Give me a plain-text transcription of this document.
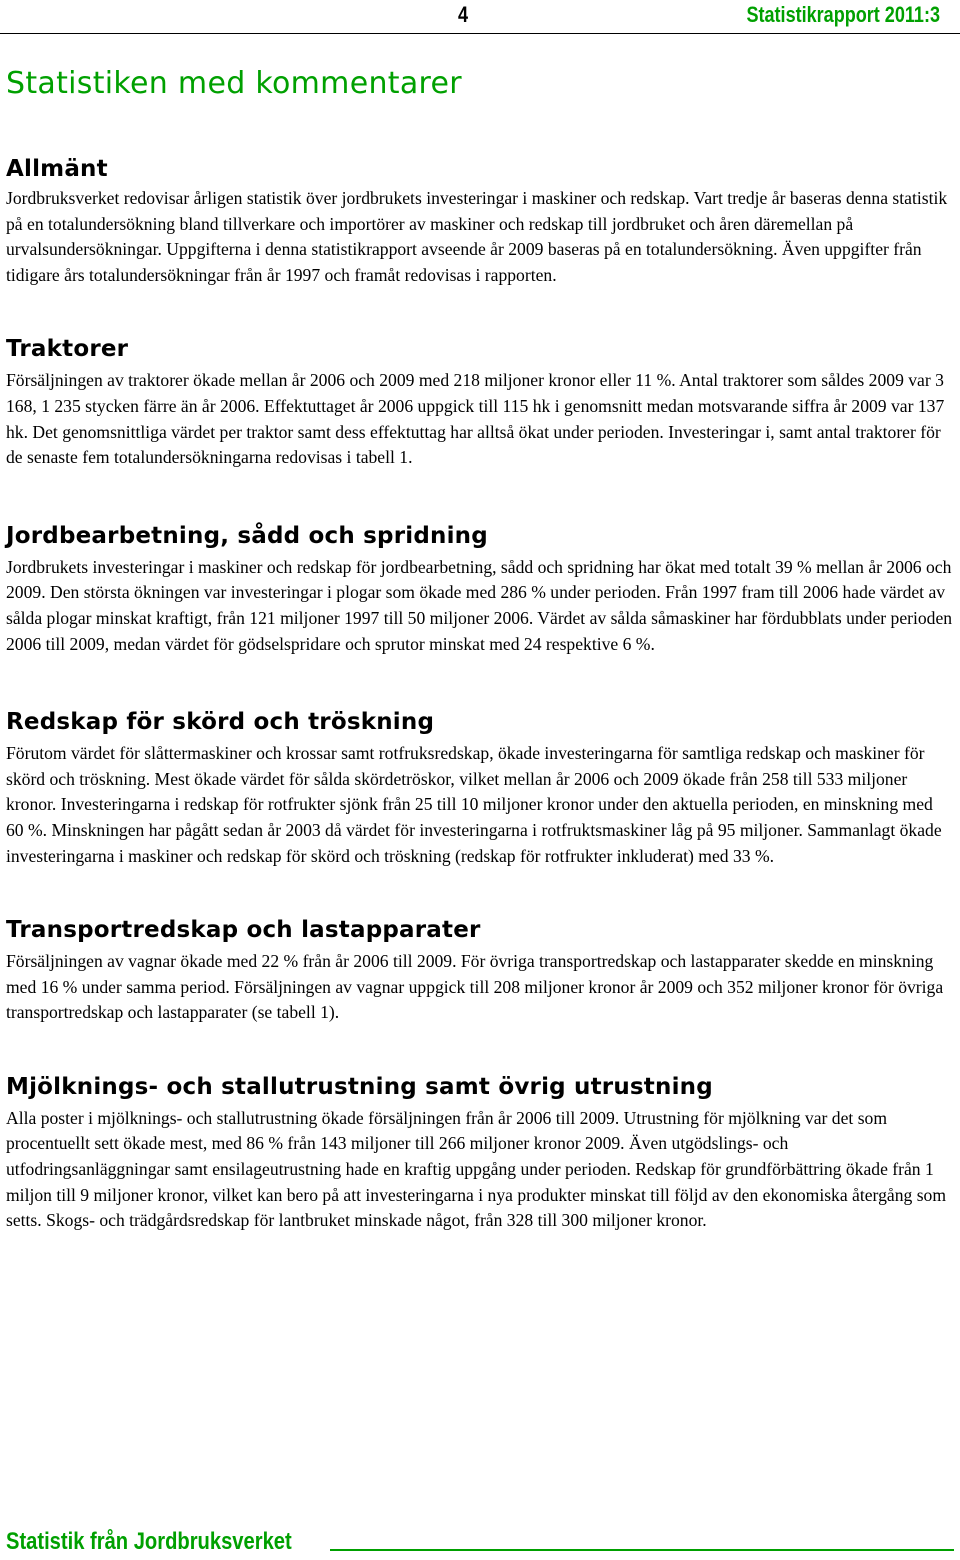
4	Statistikrapport 2011:3
Statistiken med kommentarer
Allmänt

Jordbruksverket redovisar årligen statistik över jordbrukets investeringar i maskiner och redskap. Vart tredje år baseras denna statistik på en totalundersökning bland tillverkare och importörer av maskiner och redskap till jordbruket och åren däremellan på urvalsundersökningar. Uppgifterna i denna statistikrapport avseende år 2009 baseras på en totalundersökning. Även uppgifter från tidigare års totalundersökningar från år 1997 och framåt redovisas i rapporten.

Traktorer

Försäljningen av traktorer ökade mellan år 2006 och 2009 med 218 miljoner kronor eller 11 %. Antal traktorer som såldes 2009 var 3 168, 1 235 stycken färre än år 2006. Effektuttaget år 2006 uppgick till 115 hk i genomsnitt medan motsvarande siffra år 2009 var 137 hk. Det genomsnittliga värdet per traktor samt dess effektuttag har alltså ökat under perioden. Investeringar i, samt antal traktorer för de senaste fem totalundersökningarna redovisas i tabell 1.

Jordbearbetning, sådd och spridning

Jordbrukets investeringar i maskiner och redskap för jordbearbetning, sådd och spridning har ökat med totalt 39 % mellan år 2006 och 2009. Den största ökningen var investeringar i plogar som ökade med 286 % under perioden. Från 1997 fram till 2006 hade värdet av sålda plogar minskat kraftigt, från 121 miljoner 1997 till 50 miljoner 2006. Värdet av sålda såmaskiner har fördubblats under perioden 2006 till 2009, medan värdet för gödselspridare och sprutor minskat med 24 respektive 6 %.

Redskap för skörd och tröskning

Förutom värdet för slåttermaskiner och krossar samt rotfruksredskap, ökade investeringarna för samtliga redskap och maskiner för skörd och tröskning. Mest ökade värdet för sålda skördetröskor, vilket mellan år 2006 och 2009 ökade från 258 till 533 miljoner kronor. Investeringarna i redskap för rotfrukter sjönk från 25 till 10 miljoner kronor under den aktuella perioden, en minskning med 60 %. Minskningen har pågått sedan år 2003 då värdet för investeringarna i rotfruktsmaskiner låg på 95 miljoner. Sammanlagt ökade investeringarna i maskiner och redskap för skörd och tröskning (redskap för rotfrukter inkluderat) med 33 %.

Transportredskap och lastapparater

Försäljningen av vagnar ökade med 22 % från år 2006 till 2009. För övriga transportredskap och lastapparater skedde en minskning med 16 % under samma period. Försäljningen av vagnar uppgick till 208 miljoner kronor år 2009 och 352 miljoner kronor för övriga transportredskap och lastapparater (se tabell 1).

Mjölknings- och stallutrustning samt övrig utrustning

Alla poster i mjölknings- och stallutrustning ökade försäljningen från år 2006 till 2009. Utrustning för mjölkning var det som procentuellt sett ökade mest, med 86 % från 143 miljoner till 266 miljoner kronor 2009. Även utgödslings- och utfodringsanläggningar samt ensilageutrustning hade en kraftig uppgång under perioden. Redskap för grundförbättring ökade från 1 miljon till 9 miljoner kronor, vilket kan bero på att investeringarna i nya produkter minskat till följd av den ekonomiska återgång som setts. Skogs- och trädgårdsredskap för lantbruket minskade något, från 328 till 300 miljoner kronor.

Statistik från Jordbruksverket
